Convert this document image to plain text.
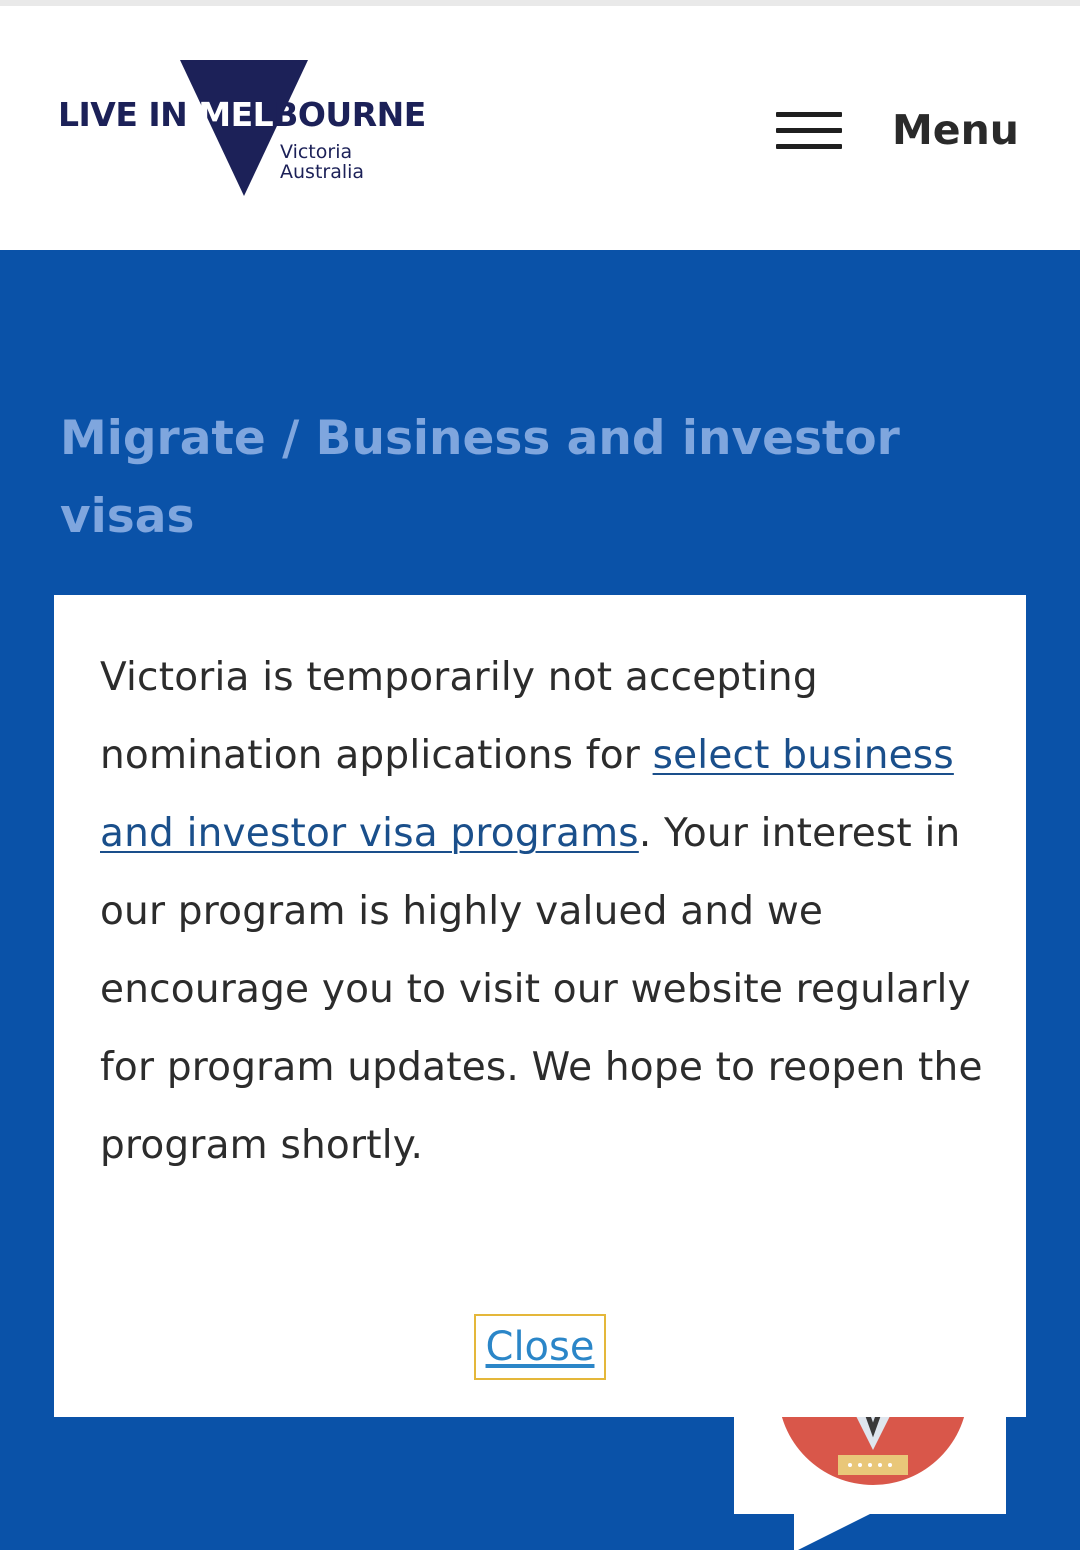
LIVE IN MELBOURNE
Victoria
Australia
Menu
Migrate / Business and investor visas
Victoria is temporarily not accepting nomination applications for select business and investor visa programs. Your interest in our program is highly valued and we encourage you to visit our website regularly for program updates. We hope to reopen the program shortly.
Close
